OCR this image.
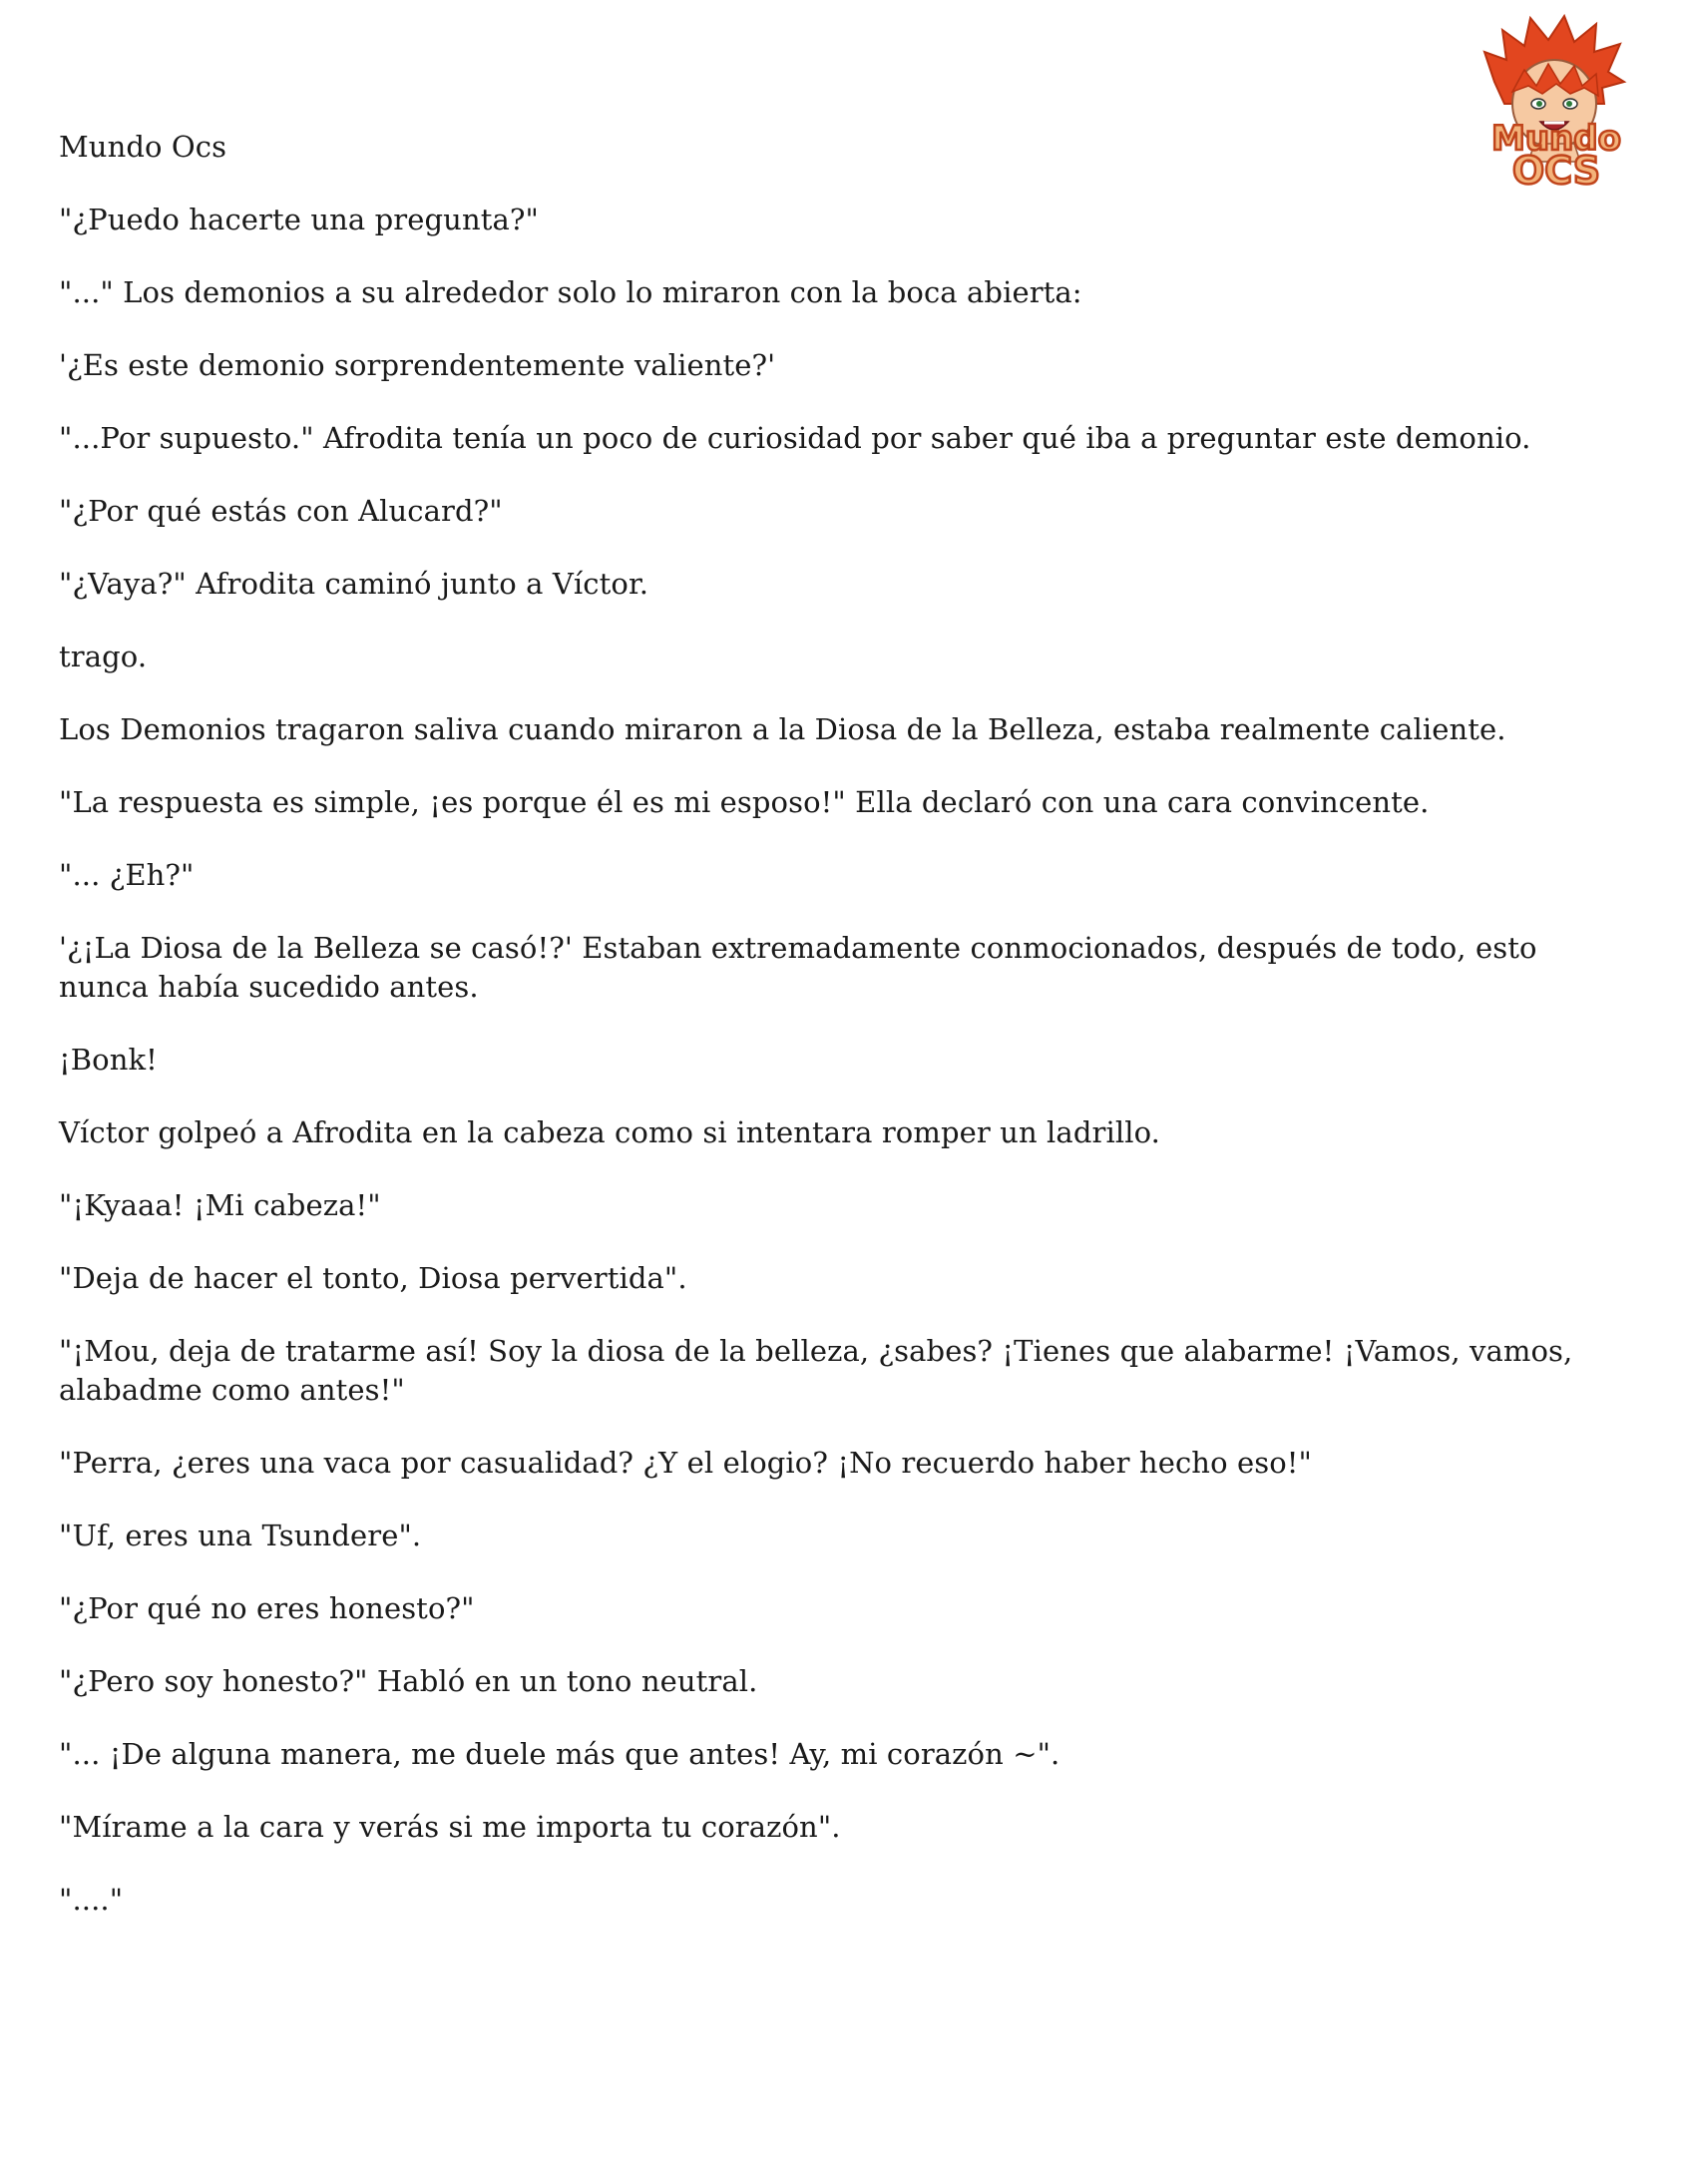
Mundo
OCS

Mundo Ocs

"¿Puedo hacerte una pregunta?"

"..." Los demonios a su alrededor solo lo miraron con la boca abierta:

'¿Es este demonio sorprendentemente valiente?'

"...Por supuesto." Afrodita tenía un poco de curiosidad por saber qué iba a preguntar este demonio.

"¿Por qué estás con Alucard?"

"¿Vaya?" Afrodita caminó junto a Víctor.

trago.

Los Demonios tragaron saliva cuando miraron a la Diosa de la Belleza, estaba realmente caliente.

"La respuesta es simple, ¡es porque él es mi esposo!" Ella declaró con una cara convincente.

"... ¿Eh?"

'¿¡La Diosa de la Belleza se casó!?' Estaban extremadamente conmocionados, después de todo, esto nunca había sucedido antes.

¡Bonk!

Víctor golpeó a Afrodita en la cabeza como si intentara romper un ladrillo.

"¡Kyaaa! ¡Mi cabeza!"

"Deja de hacer el tonto, Diosa pervertida".

"¡Mou, deja de tratarme así! Soy la diosa de la belleza, ¿sabes? ¡Tienes que alabarme! ¡Vamos, vamos, alabadme como antes!"

"Perra, ¿eres una vaca por casualidad? ¿Y el elogio? ¡No recuerdo haber hecho eso!"

"Uf, eres una Tsundere".

"¿Por qué no eres honesto?"

"¿Pero soy honesto?" Habló en un tono neutral.

"... ¡De alguna manera, me duele más que antes! Ay, mi corazón ~".

"Mírame a la cara y verás si me importa tu corazón".

"...."
